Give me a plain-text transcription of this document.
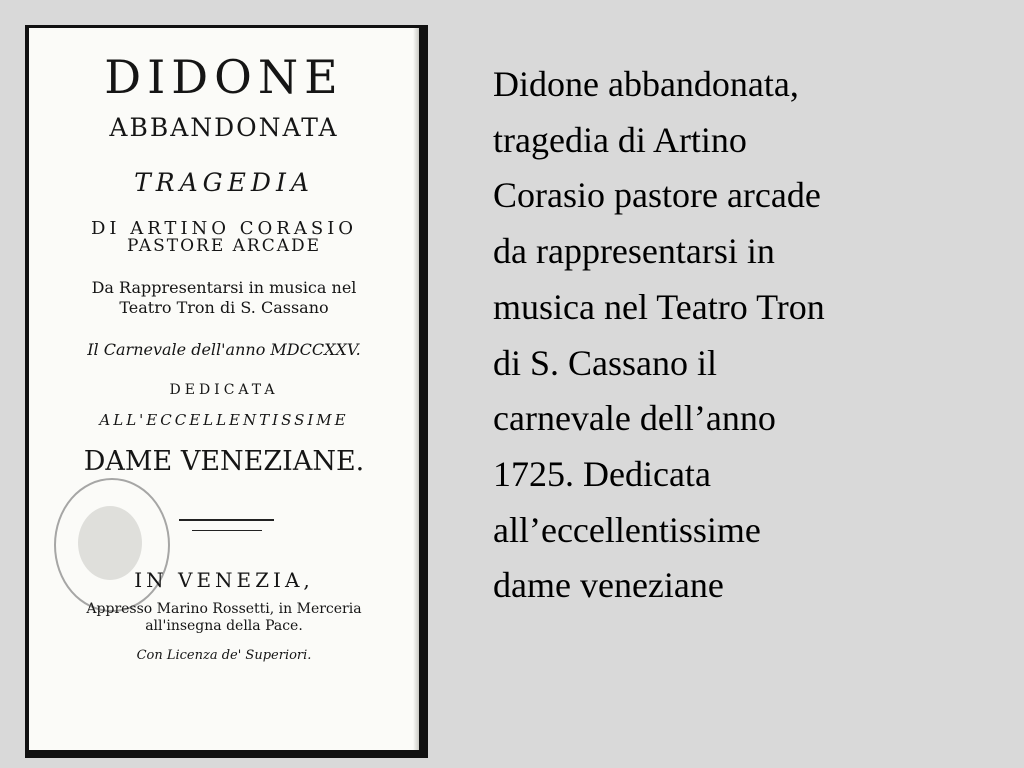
DIDONE

ABBANDONATA

TRAGEDIA

DI ARTINO CORASIO

PASTORE ARCADE

Da Rappresentarsi in musica nel

Teatro Tron di S. Cassano

Il Carnevale dell'anno MDCCXXV.

DEDICATA

ALL'ECCELLENTISSIME

DAME VENEZIANE.

IN VENEZIA,

Appresso Marino Rossetti, in Merceria

all'insegna della Pace.

Con Licenza de' Superiori.

Didone abbandonata,
tragedia di Artino
Corasio pastore arcade
da rappresentarsi in
musica nel Teatro Tron
di S. Cassano il
carnevale dell’anno
1725. Dedicata
all’eccellentissime
dame veneziane
